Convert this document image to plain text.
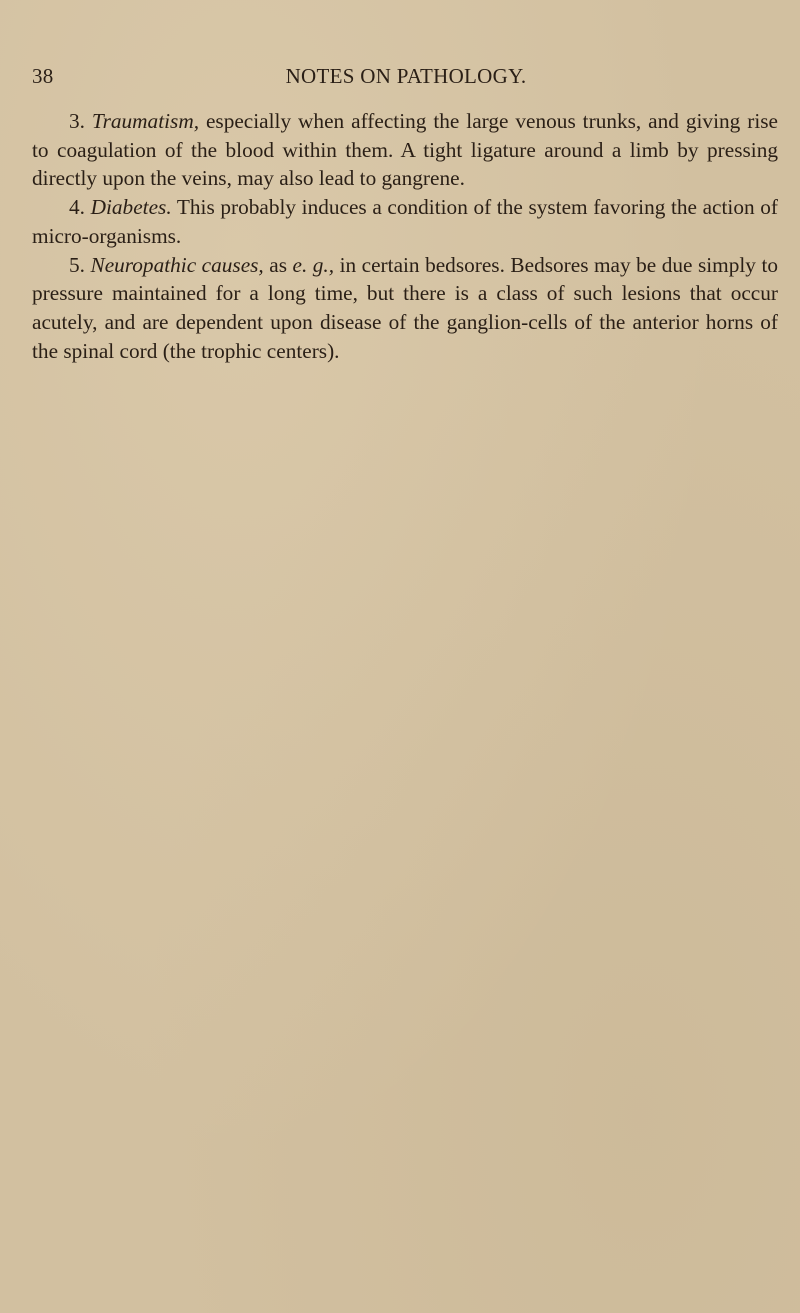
38	NOTES ON PATHOLOGY.

3. Traumatism, especially when affecting the large venous trunks, and giving rise to coagulation of the blood within them. A tight ligature around a limb by pressing directly upon the veins, may also lead to gangrene.

4. Diabetes. This probably induces a condition of the system favoring the action of micro-organisms.

5. Neuropathic causes, as e. g., in certain bedsores. Bedsores may be due simply to pressure maintained for a long time, but there is a class of such lesions that occur acutely, and are dependent upon disease of the ganglion-cells of the anterior horns of the spinal cord (the trophic centers).
